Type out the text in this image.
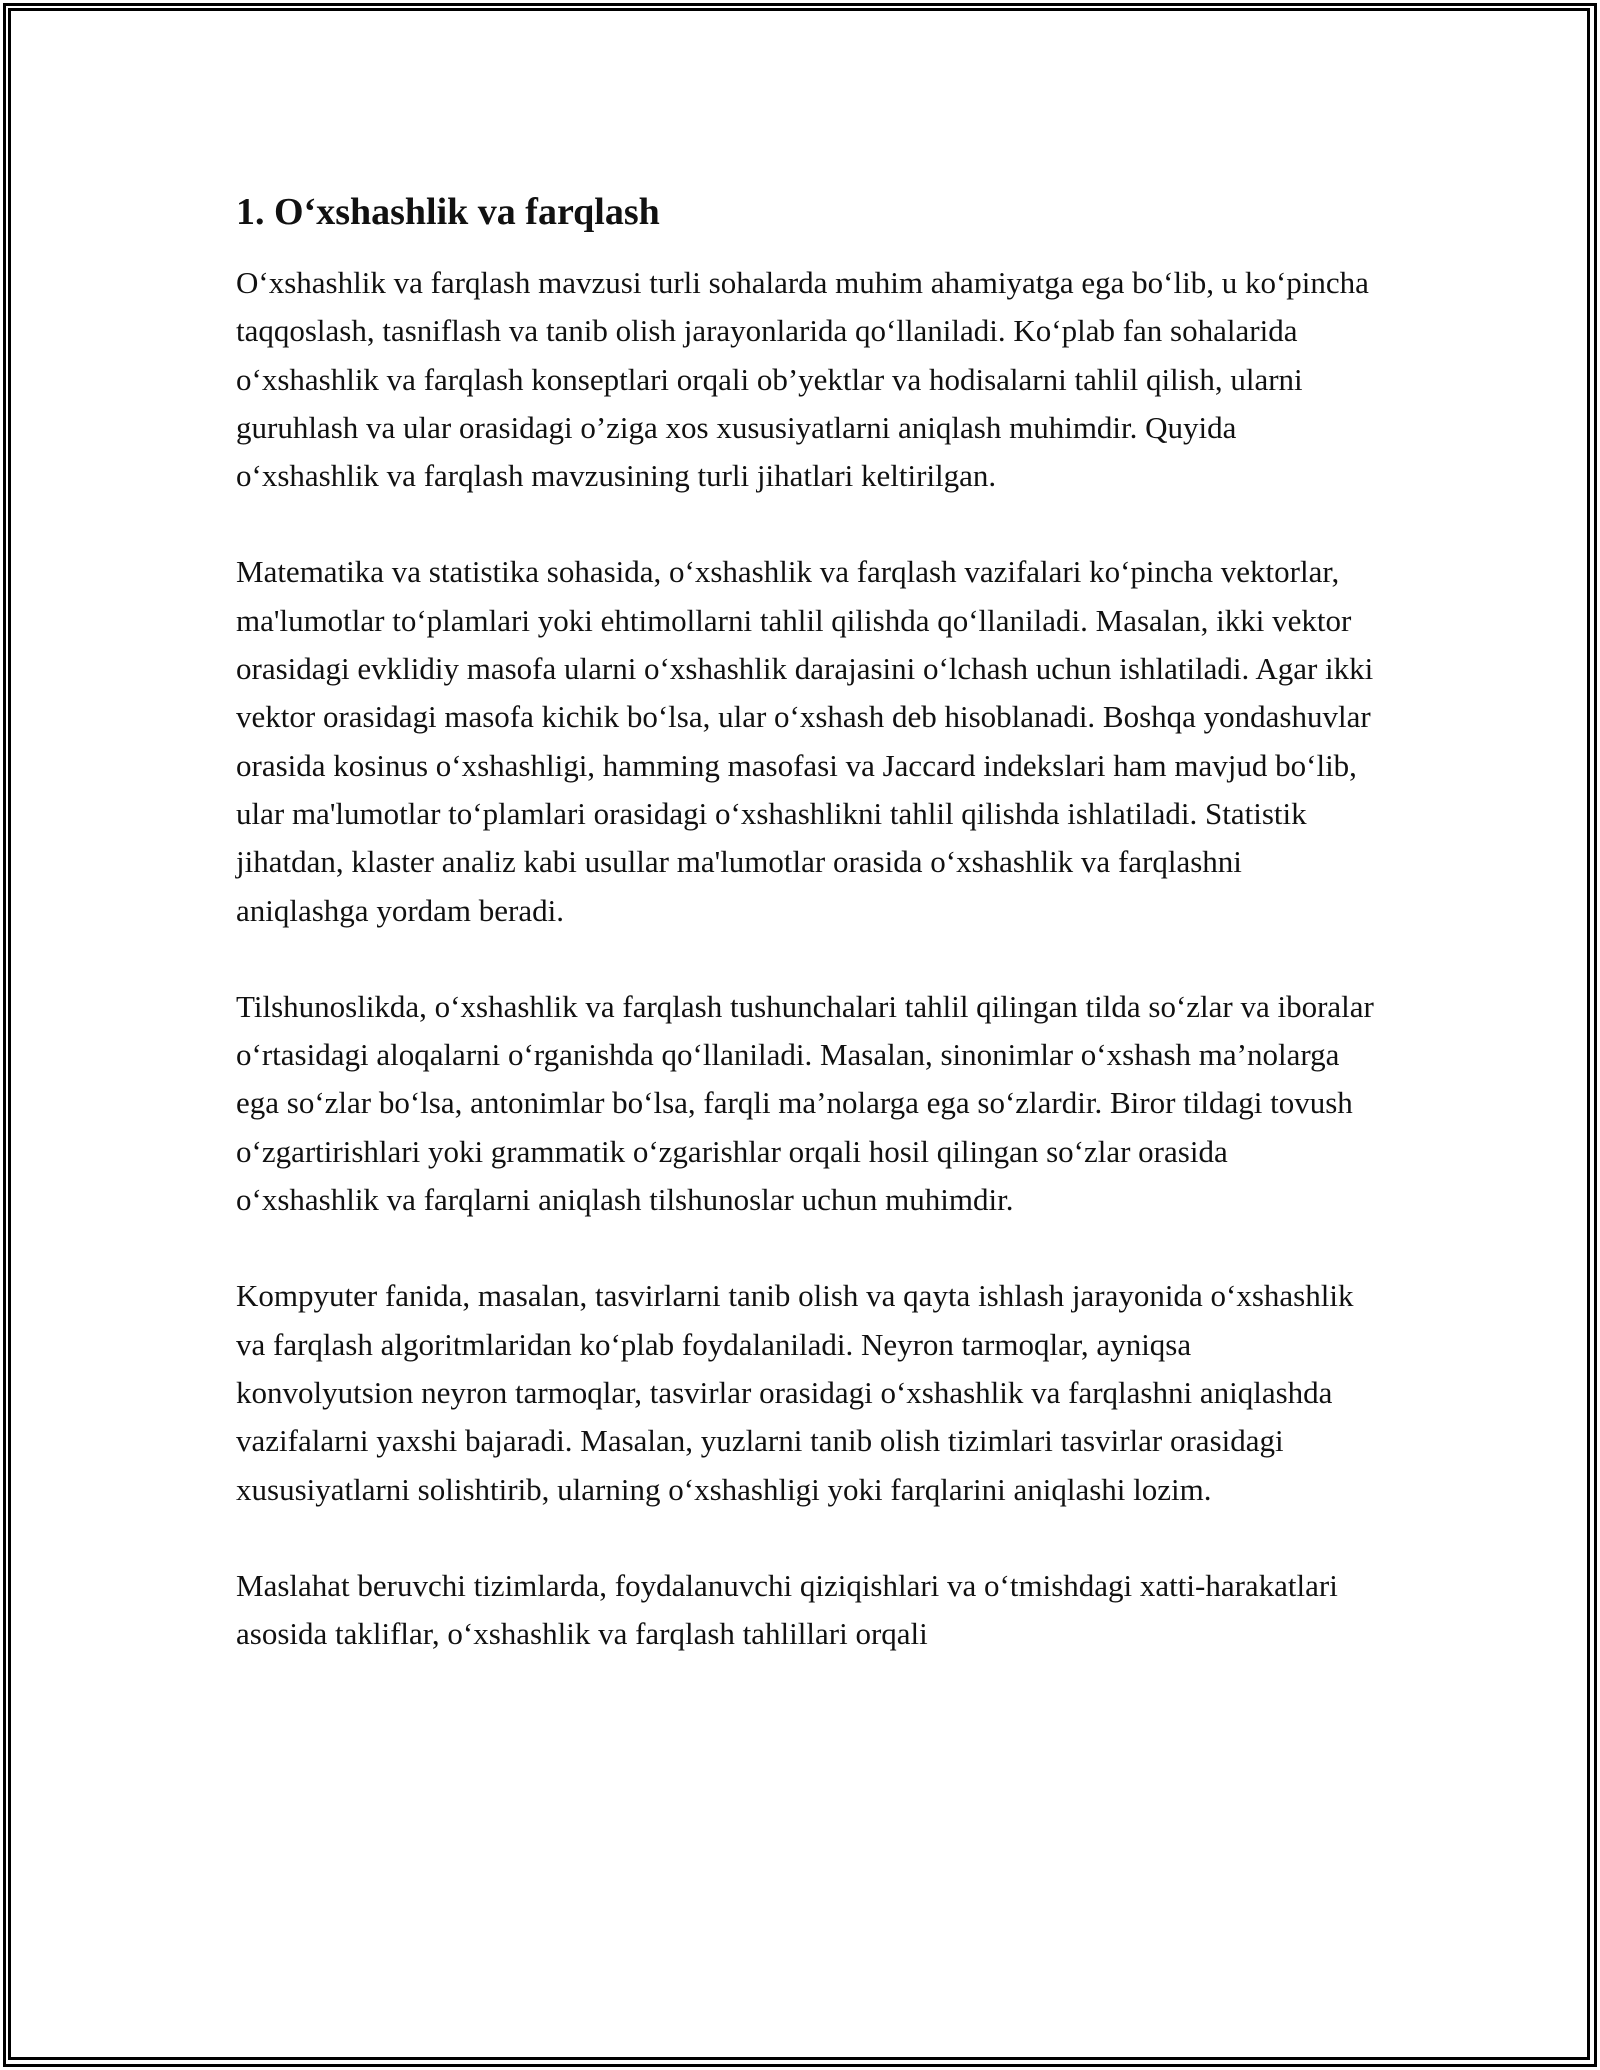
1. O‘xshashlik va farqlash

O‘xshashlik va farqlash mavzusi turli sohalarda muhim ahamiyatga ega bo‘lib, u ko‘pincha taqqoslash, tasniflash va tanib olish jarayonlarida qo‘llaniladi. Ko‘plab fan sohalarida o‘xshashlik va farqlash konseptlari orqali ob’yektlar va hodisalarni tahlil qilish, ularni guruhlash va ular orasidagi o’ziga xos xususiyatlarni aniqlash muhimdir. Quyida o‘xshashlik va farqlash mavzusining turli jihatlari keltirilgan.

Matematika va statistika sohasida, o‘xshashlik va farqlash vazifalari ko‘pincha vektorlar, ma'lumotlar to‘plamlari yoki ehtimollarni tahlil qilishda qo‘llaniladi. Masalan, ikki vektor orasidagi evklidiy masofa ularni o‘xshashlik darajasini o‘lchash uchun ishlatiladi. Agar ikki vektor orasidagi masofa kichik bo‘lsa, ular o‘xshash deb hisoblanadi. Boshqa yondashuvlar orasida kosinus o‘xshashligi, hamming masofasi va Jaccard indekslari ham mavjud bo‘lib, ular ma'lumotlar to‘plamlari orasidagi o‘xshashlikni tahlil qilishda ishlatiladi. Statistik jihatdan, klaster analiz kabi usullar ma'lumotlar orasida o‘xshashlik va farqlashni aniqlashga yordam beradi.

Tilshunoslikda, o‘xshashlik va farqlash tushunchalari tahlil qilingan tilda so‘zlar va iboralar o‘rtasidagi aloqalarni o‘rganishda qo‘llaniladi. Masalan, sinonimlar o‘xshash ma’nolarga ega so‘zlar bo‘lsa, antonimlar bo‘lsa, farqli ma’nolarga ega so‘zlardir. Biror tildagi tovush o‘zgartirishlari yoki grammatik o‘zgarishlar orqali hosil qilingan so‘zlar orasida o‘xshashlik va farqlarni aniqlash tilshunoslar uchun muhimdir.

Kompyuter fanida, masalan, tasvirlarni tanib olish va qayta ishlash jarayonida o‘xshashlik va farqlash algoritmlaridan ko‘plab foydalaniladi. Neyron tarmoqlar, ayniqsa konvolyutsion neyron tarmoqlar, tasvirlar orasidagi o‘xshashlik va farqlashni aniqlashda vazifalarni yaxshi bajaradi. Masalan, yuzlarni tanib olish tizimlari tasvirlar orasidagi xususiyatlarni solishtirib, ularning o‘xshashligi yoki farqlarini aniqlashi lozim.

Maslahat beruvchi tizimlarda, foydalanuvchi qiziqishlari va o‘tmishdagi xatti-harakatlari asosida takliflar, o‘xshashlik va farqlash tahlillari orqali
